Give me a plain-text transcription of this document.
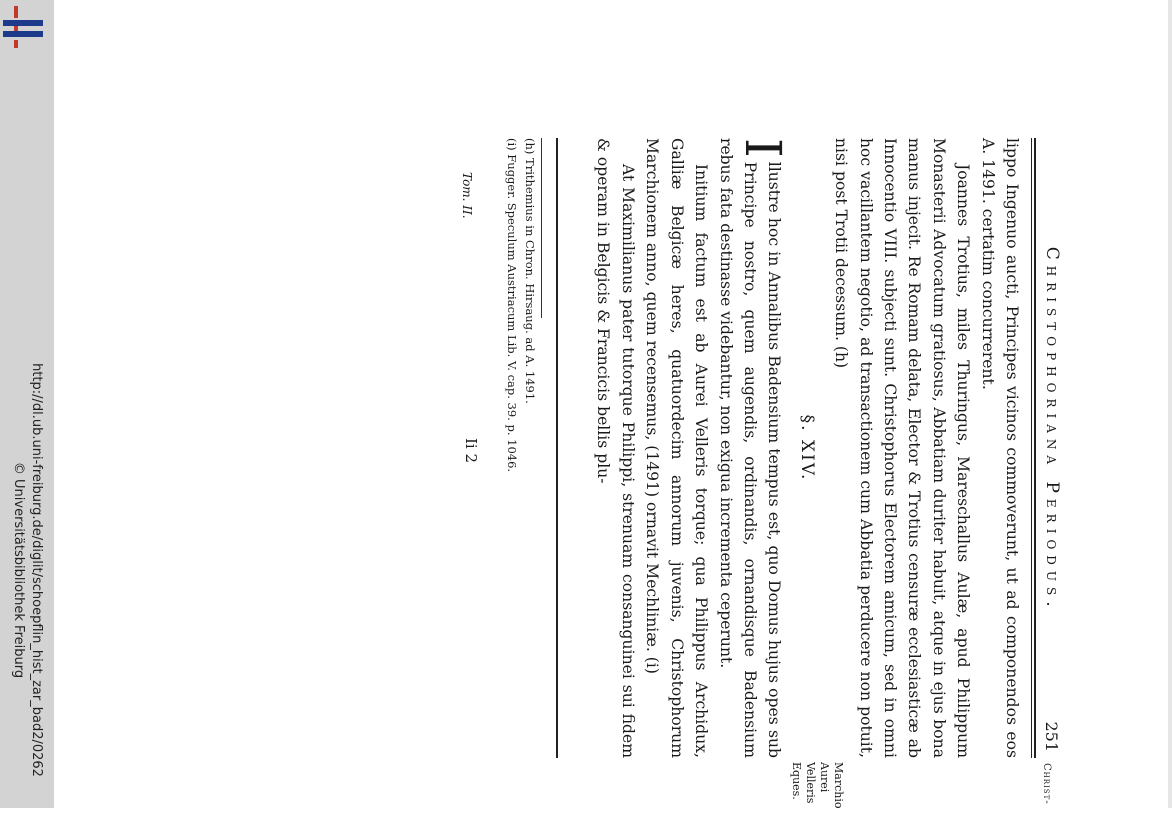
http://dl.ub.uni-freiburg.de/diglit/schoepflin_hist_zar_bad2/0262
© Universitätsbibliothek Freiburg	Christophoriana Periodus.
251
Christ-

lippo Ingenuo aucti, Principes vicinos commoverunt, ut ad componendos eos A. 1491. certatim concurrerent.

Joannes Trotius, miles Thuringus, Mareschallus Aulæ, apud Philippum Monasterii Advocatum gratiosus, Abbatiam duriter habuit, atque in ejus bona manus injecit. Re Romam delata, Elector & Trotius censuræ ecclesiasticæ ab Innocentio VIII. subjecti sunt. Christophorus Electorem amicum, sed in omni hoc vacillantem negotio, ad transactionem cum Abbatia perducere non potuit, nisi post Trotii decessum. (h)

§. XIV.

I
llustre hoc in Annalibus Badensium tempus est, quo Domus hujus opes sub Principe nostro, quem augendis, ordinandis, ornandisque Badensium rebus fata destinasse videbantur, non exigua incrementa ceperunt.

Initium factum est ab Aurei Velleris torque; qua Philippus Archidux, Galliæ Belgicæ heres, quatuordecim annorum juvenis, Christophorum Marchionem anno, quem recensemus, (1491) ornavit Mechliniæ. (i)

At Maximilianus pater tutorque Philippi, strenuam consanguinei sui fidem & operam in Belgicis & Francicis bellis plu-

Marchio Aurei Velleris Eques.
(h) Trithemius in Chron. Hirsaug. ad A. 1491.
(i) Fugger. Speculum Austriacum Lib. V. cap. 39. p. 1046.
Tom. II.
Ii 2
